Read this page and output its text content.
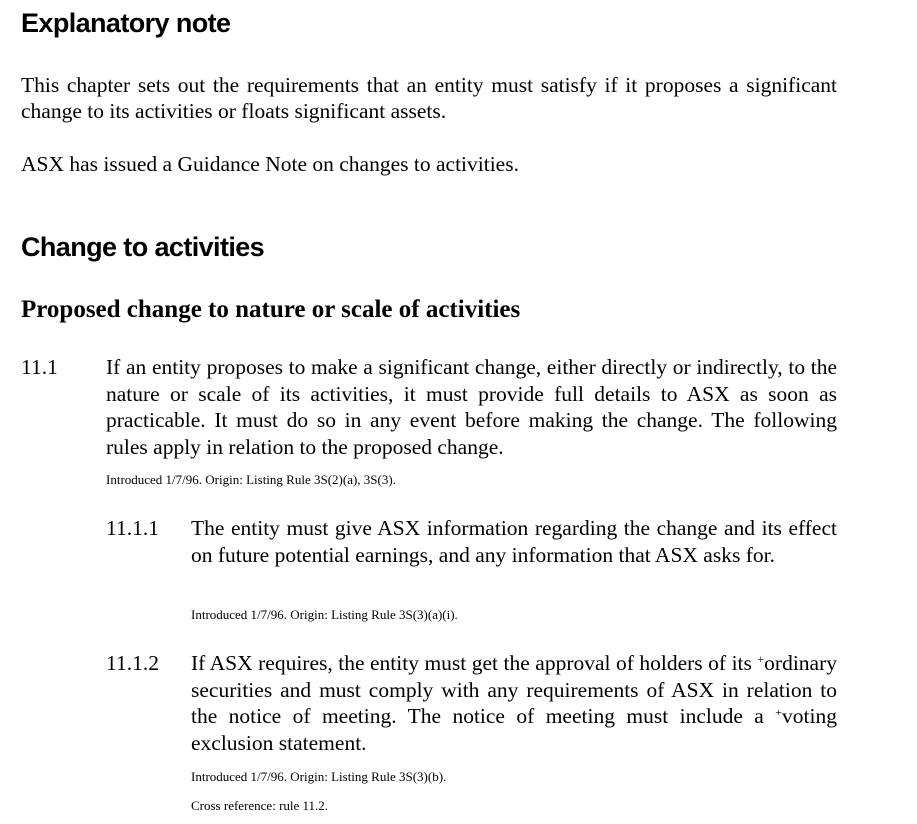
Explanatory note

This chapter sets out the requirements that an entity must satisfy if it proposes a significant change to its activities or floats significant assets.

ASX has issued a Guidance Note on changes to activities.

Change to activities
Proposed change to nature or scale of activities
11.1 If an entity proposes to make a significant change, either directly or indirectly, to the nature or scale of its activities, it must provide full details to ASX as soon as practicable. It must do so in any event before making the change. The following rules apply in relation to the proposed change.

Introduced 1/7/96. Origin: Listing Rule 3S(2)(a), 3S(3).

11.1.1 The entity must give ASX information regarding the change and its effect on future potential earnings, and any information that ASX asks for.

Introduced 1/7/96. Origin: Listing Rule 3S(3)(a)(i).

11.1.2 If ASX requires, the entity must get the approval of holders of its +ordinary securities and must comply with any requirements of ASX in relation to the notice of meeting. The notice of meeting must include a +voting exclusion statement.

Introduced 1/7/96. Origin: Listing Rule 3S(3)(b).

Cross reference: rule 11.2.
